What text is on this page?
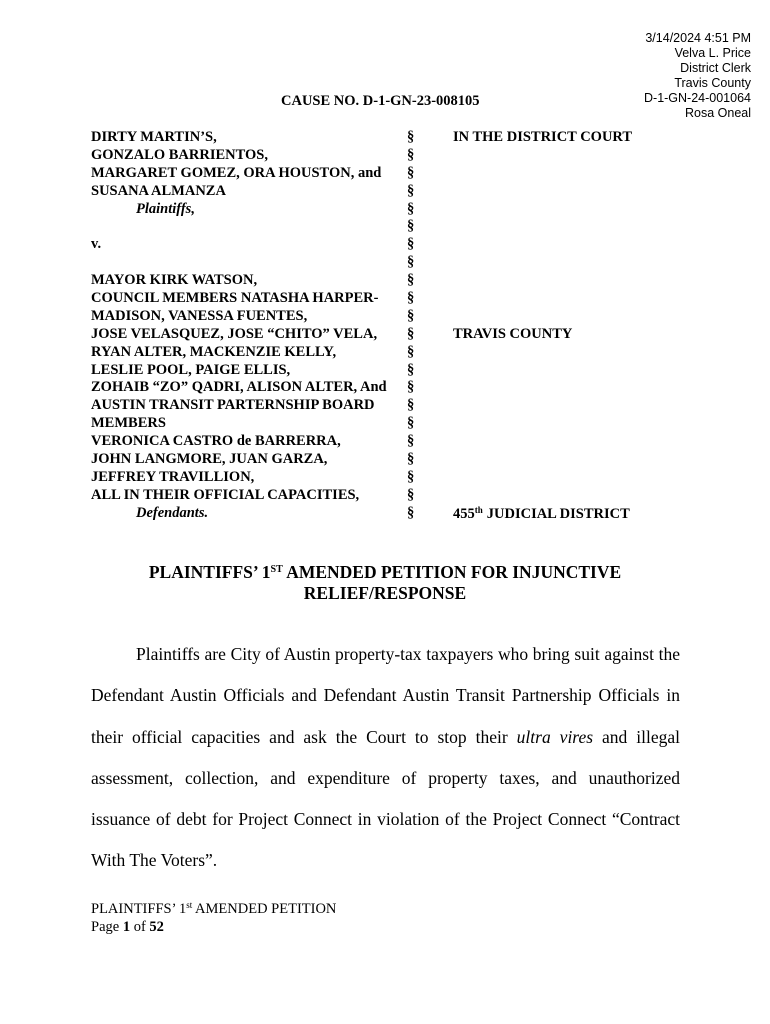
3/14/2024 4:51 PM
Velva L. Price
District Clerk
Travis County
D-1-GN-24-001064
Rosa Oneal
CAUSE NO. D-1-GN-23-008105
DIRTY MARTIN’S,	§	IN THE DISTRICT COURT
GONZALO BARRIENTOS,	§
MARGARET GOMEZ, ORA HOUSTON, and §
SUSANA ALMANZA	§
Plaintiffs,	§
§
v.	§
§
MAYOR KIRK WATSON,	§
COUNCIL MEMBERS NATASHA HARPER- §
MADISON, VANESSA FUENTES,	§
JOSE VELASQUEZ, JOSE “CHITO” VELA, §	TRAVIS COUNTY
RYAN ALTER, MACKENZIE KELLY,	§
LESLIE POOL, PAIGE ELLIS,	§
ZOHAIB “ZO” QADRI, ALISON ALTER, And §
AUSTIN TRANSIT PARTERNSHIP BOARD §
MEMBERS	§
VERONICA CASTRO de BARRERRA,	§
JOHN LANGMORE, JUAN GARZA,	§
JEFFREY TRAVILLION,	§
ALL IN THEIR OFFICIAL CAPACITIES,	§
Defendants.	§	455th JUDICIAL DISTRICT
PLAINTIFFS’ 1ST AMENDED PETITION FOR INJUNCTIVE
RELIEF/RESPONSE

Plaintiffs are City of Austin property-tax taxpayers who bring suit against the Defendant Austin Officials and Defendant Austin Transit Partnership Officials in their official capacities and ask the Court to stop their ultra vires and illegal assessment, collection, and expenditure of property taxes, and unauthorized issuance of debt for Project Connect in violation of the Project Connect “Contract With The Voters”.

PLAINTIFFS’ 1st AMENDED PETITION
Page 1 of 52
